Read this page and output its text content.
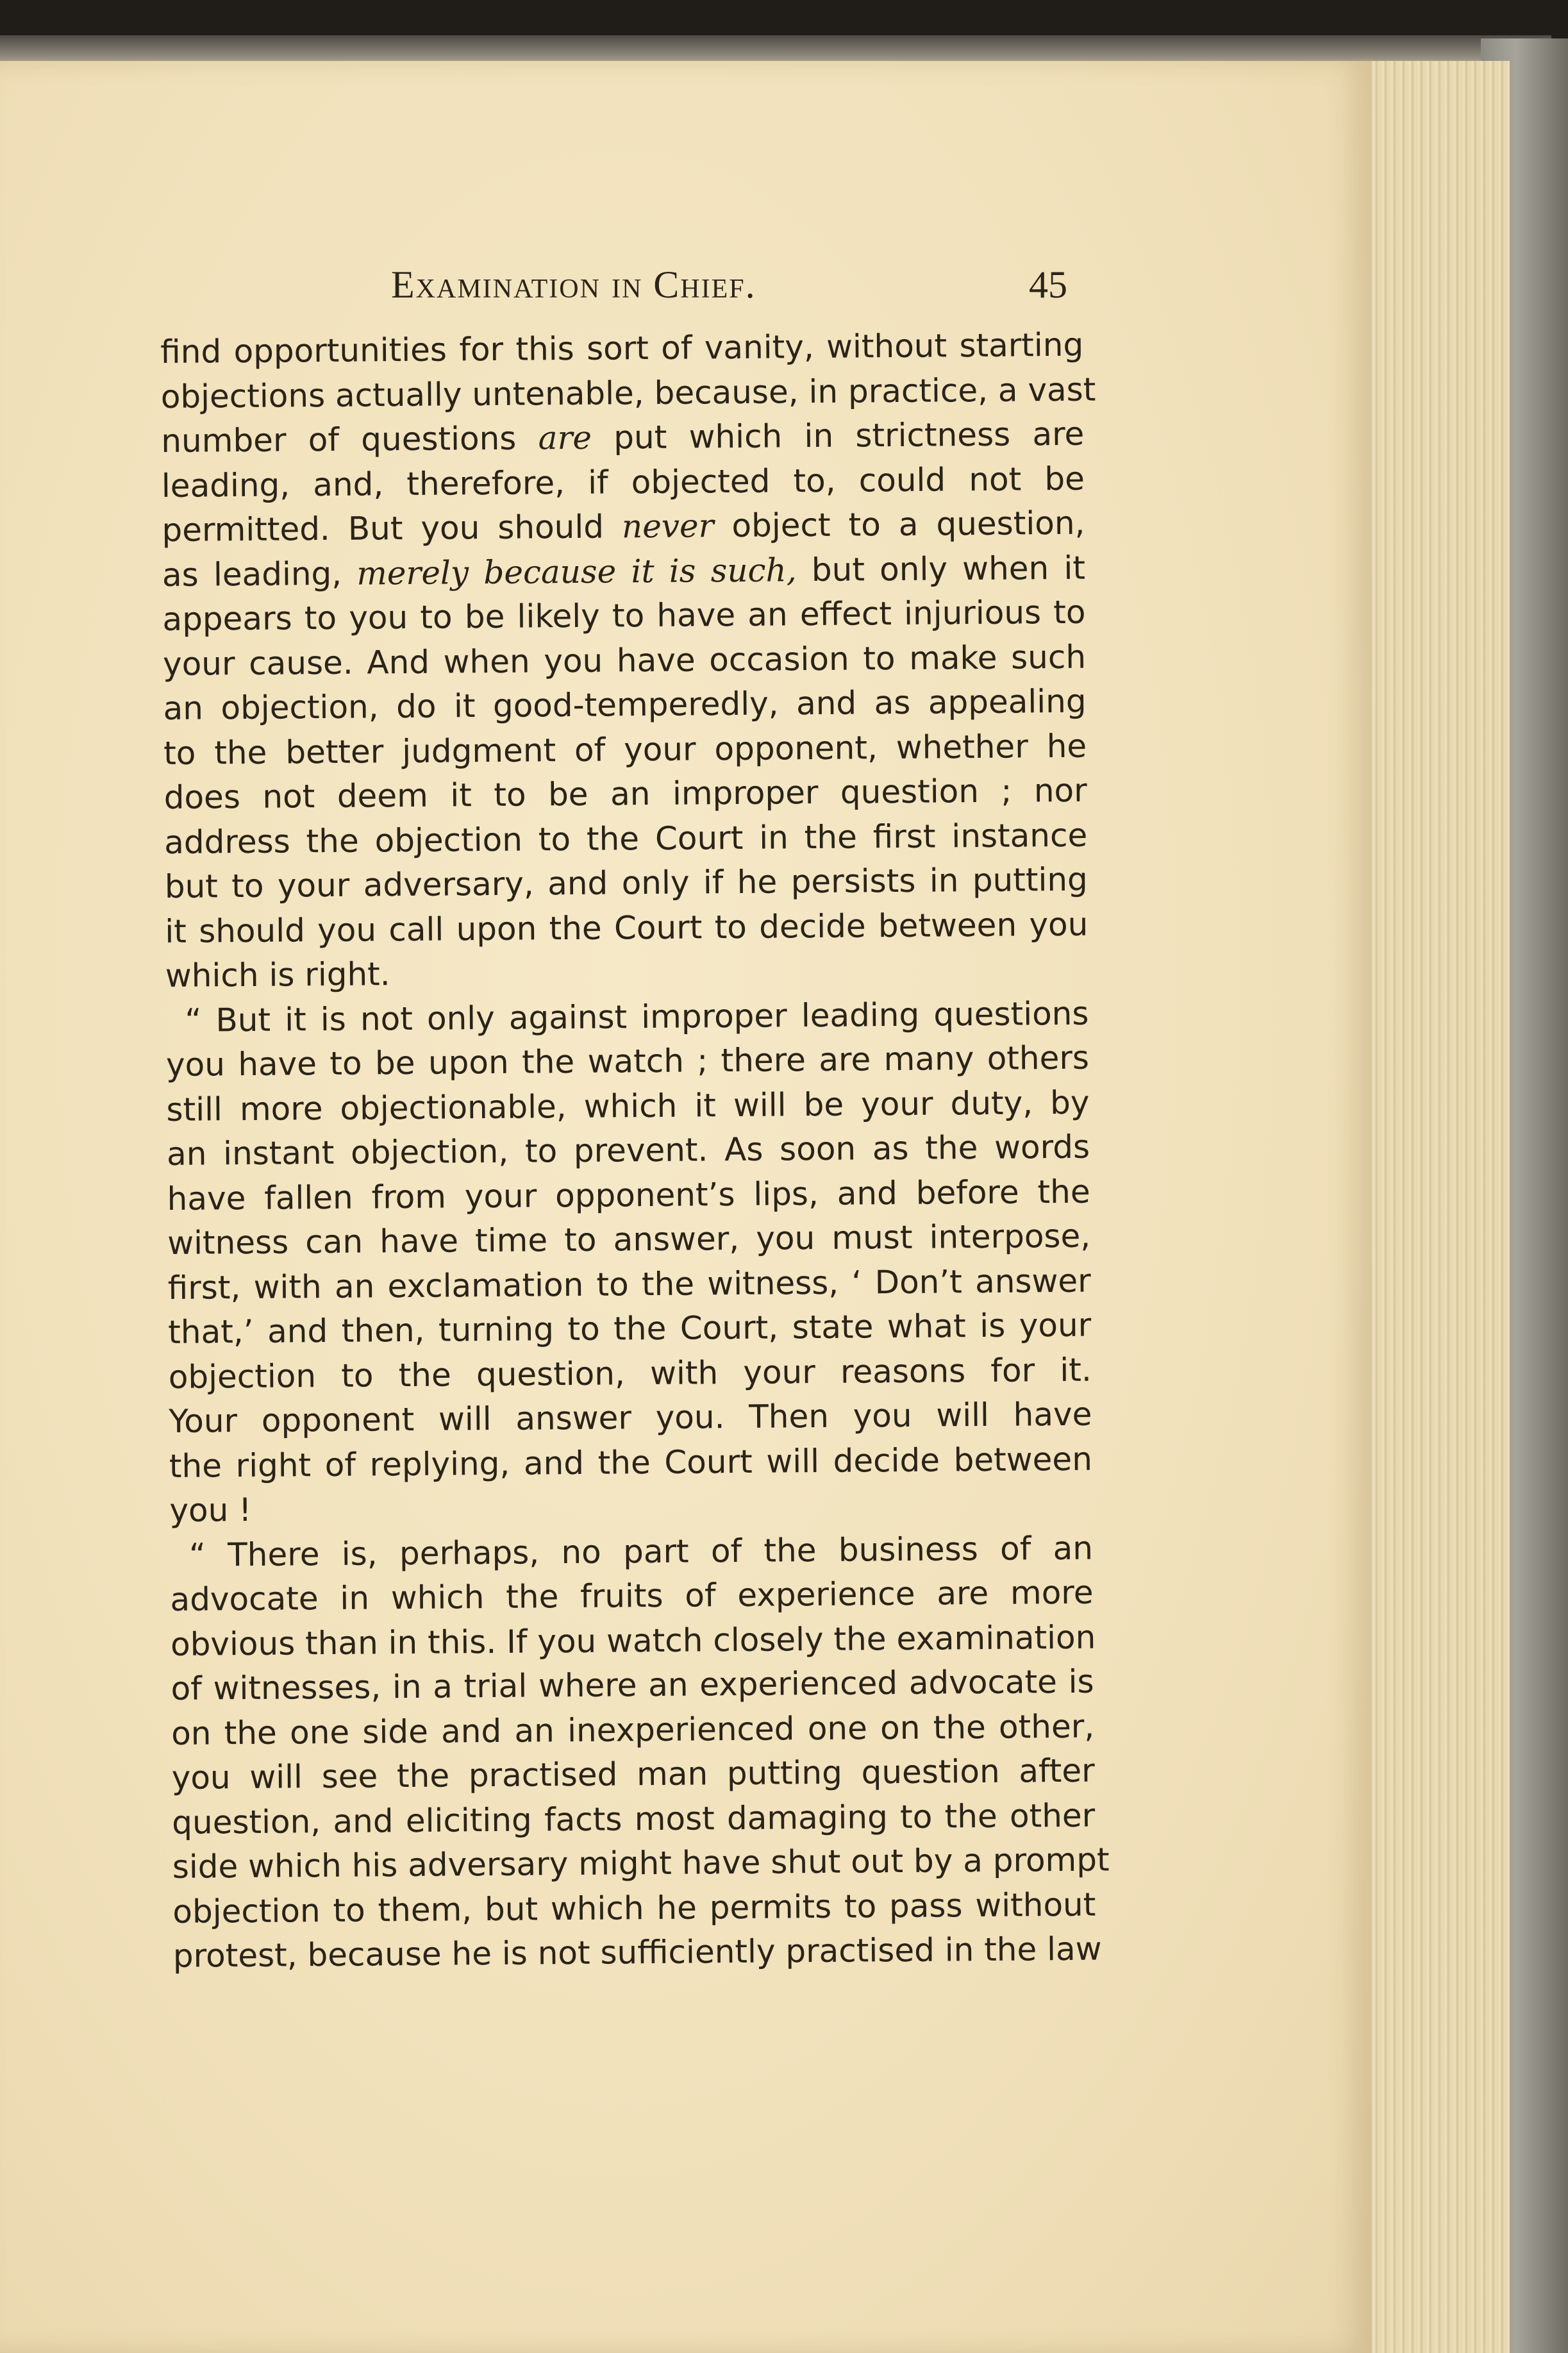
Examination in Chief.	45
find opportunities for this sort of vanity, without starting
objections actually untenable, because, in practice, a vast
number of questions are put which in strictness are
leading, and, therefore, if objected to, could not be
permitted. But you should never object to a question,
as leading, merely because it is such, but only when it
appears to you to be likely to have an effect injurious to
your cause. And when you have occasion to make such
an objection, do it good-temperedly, and as appealing
to the better judgment of your opponent, whether he
does not deem it to be an improper question ; nor
address the objection to the Court in the first instance
but to your adversary, and only if he persists in putting
it should you call upon the Court to decide between you
which is right.
“ But it is not only against improper leading questions
you have to be upon the watch ; there are many others
still more objectionable, which it will be your duty, by
an instant objection, to prevent. As soon as the words
have fallen from your opponent’s lips, and before the
witness can have time to answer, you must interpose,
first, with an exclamation to the witness, ‘ Don’t answer
that,’ and then, turning to the Court, state what is your
objection to the question, with your reasons for it.
Your opponent will answer you. Then you will have
the right of replying, and the Court will decide between
you !
“ There is, perhaps, no part of the business of an
advocate in which the fruits of experience are more
obvious than in this. If you watch closely the examination
of witnesses, in a trial where an experienced advocate is
on the one side and an inexperienced one on the other,
you will see the practised man putting question after
question, and eliciting facts most damaging to the other
side which his adversary might have shut out by a prompt
objection to them, but which he permits to pass without
protest, because he is not sufficiently practised in the law
